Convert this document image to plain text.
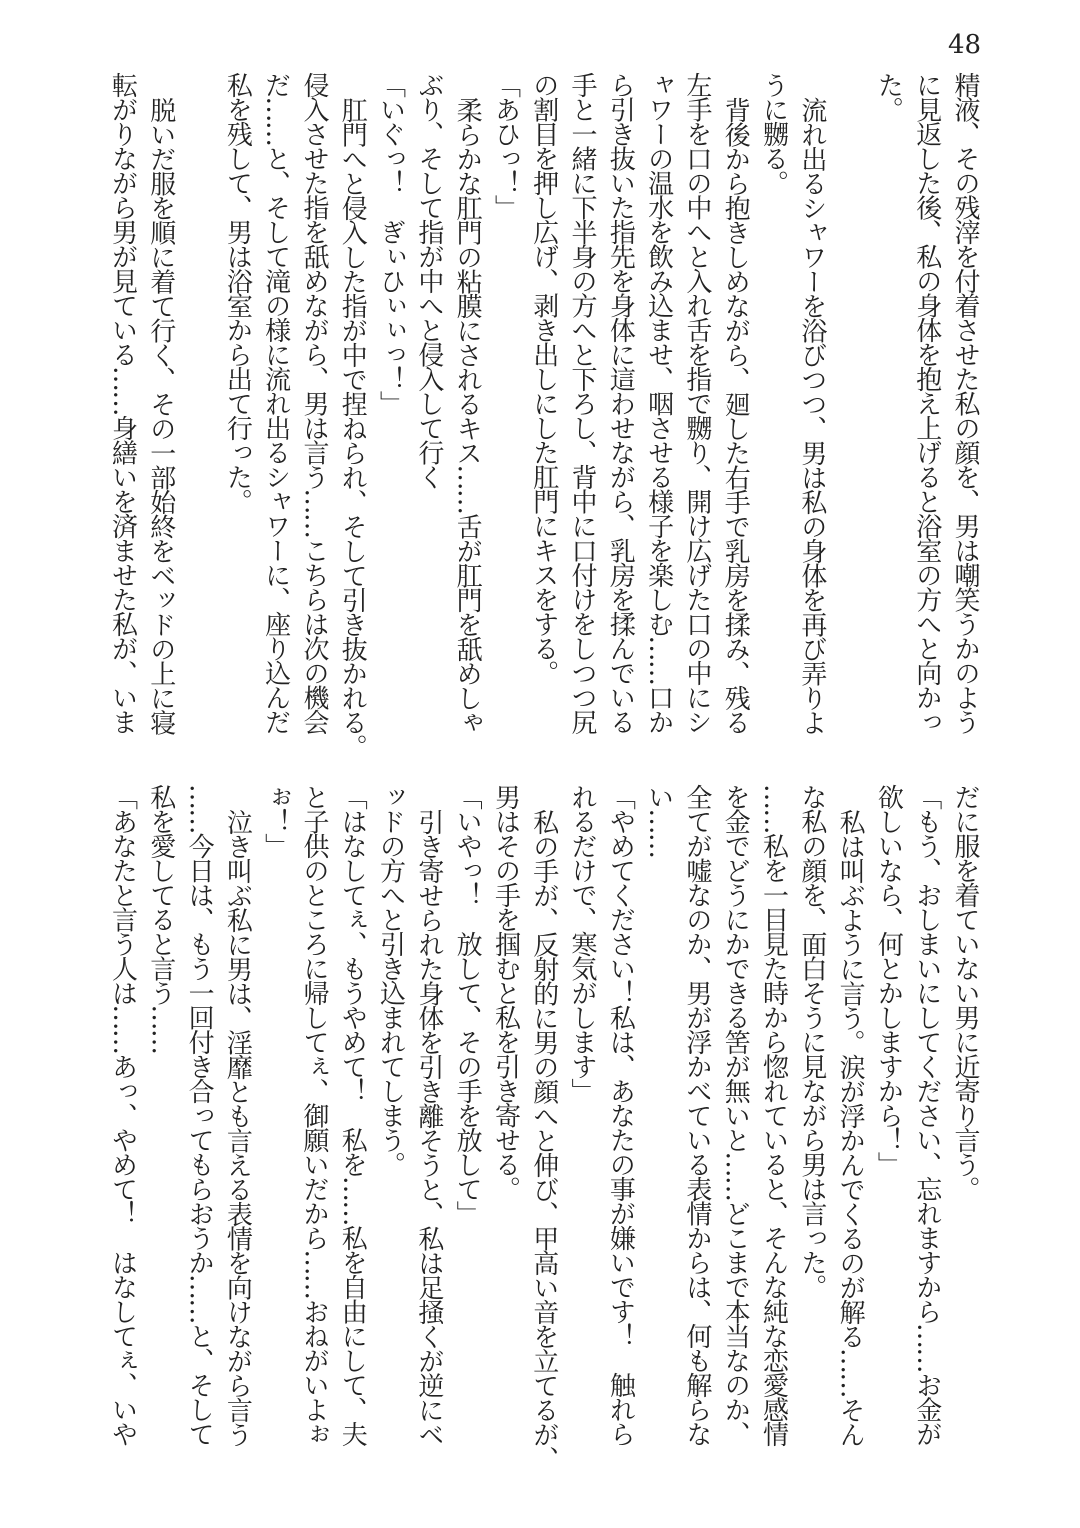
48
精液、その残滓を付着させた私の顔を、男は嘲笑うかのよう
に見返した後、私の身体を抱え上げると浴室の方へと向かっ
た。
流れ出るシャワーを浴びつつ、男は私の身体を再び弄りよ
うに嬲る。
背後から抱きしめながら、廻した右手で乳房を揉み、残る
左手を口の中へと入れ舌を指で嬲り、開け広げた口の中にシ
ャワーの温水を飲み込ませ、咽させる様子を楽しむ……口か
ら引き抜いた指先を身体に這わせながら、乳房を揉んでいる
手と一緒に下半身の方へと下ろし、背中に口付けをしつつ尻
の割目を押し広げ、剥き出しにした肛門にキスをする。
「あひっ！」
柔らかな肛門の粘膜にされるキス……舌が肛門を舐めしゃ
ぶり、そして指が中へと侵入して行く
「いぐっ！　ぎぃひぃぃっ！」
肛門へと侵入した指が中で捏ねられ、そして引き抜かれる。
侵入させた指を舐めながら、男は言う……こちらは次の機会
だ……と、そして滝の様に流れ出るシャワーに、座り込んだ
私を残して、男は浴室から出て行った。
脱いだ服を順に着て行く、その一部始終をベッドの上に寝
転がりながら男が見ている……身繕いを済ませた私が、いま
だに服を着ていない男に近寄り言う。
「もう、おしまいにしてください、忘れますから……お金が
欲しいなら、何とかしますから！」
私は叫ぶように言う。涙が浮かんでくるのが解る……そん
な私の顔を、面白そうに見ながら男は言った。
……私を一目見た時から惚れていると、そんな純な恋愛感情
を金でどうにかできる筈が無いと……どこまで本当なのか、
全てが嘘なのか、男が浮かべている表情からは、何も解らな
い……
「やめてください！私は、あなたの事が嫌いです！　触れら
れるだけで、寒気がします」
私の手が、反射的に男の顔へと伸び、甲高い音を立てるが、
男はその手を掴むと私を引き寄せる。
「いやっ！　放して、その手を放して」
引き寄せられた身体を引き離そうと、私は足掻くが逆にベ
ッドの方へと引き込まれてしまう。
「はなしてぇ、もうやめて！　私を……私を自由にして、夫
と子供のところに帰してぇ、御願いだから……おねがいよぉ
ぉ！」
泣き叫ぶ私に男は、淫靡とも言える表情を向けながら言う
……今日は、もう一回付き合ってもらおうか……と、そして
私を愛してると言う……
「あなたと言う人は……あっ、やめて！　はなしてぇ、いや
